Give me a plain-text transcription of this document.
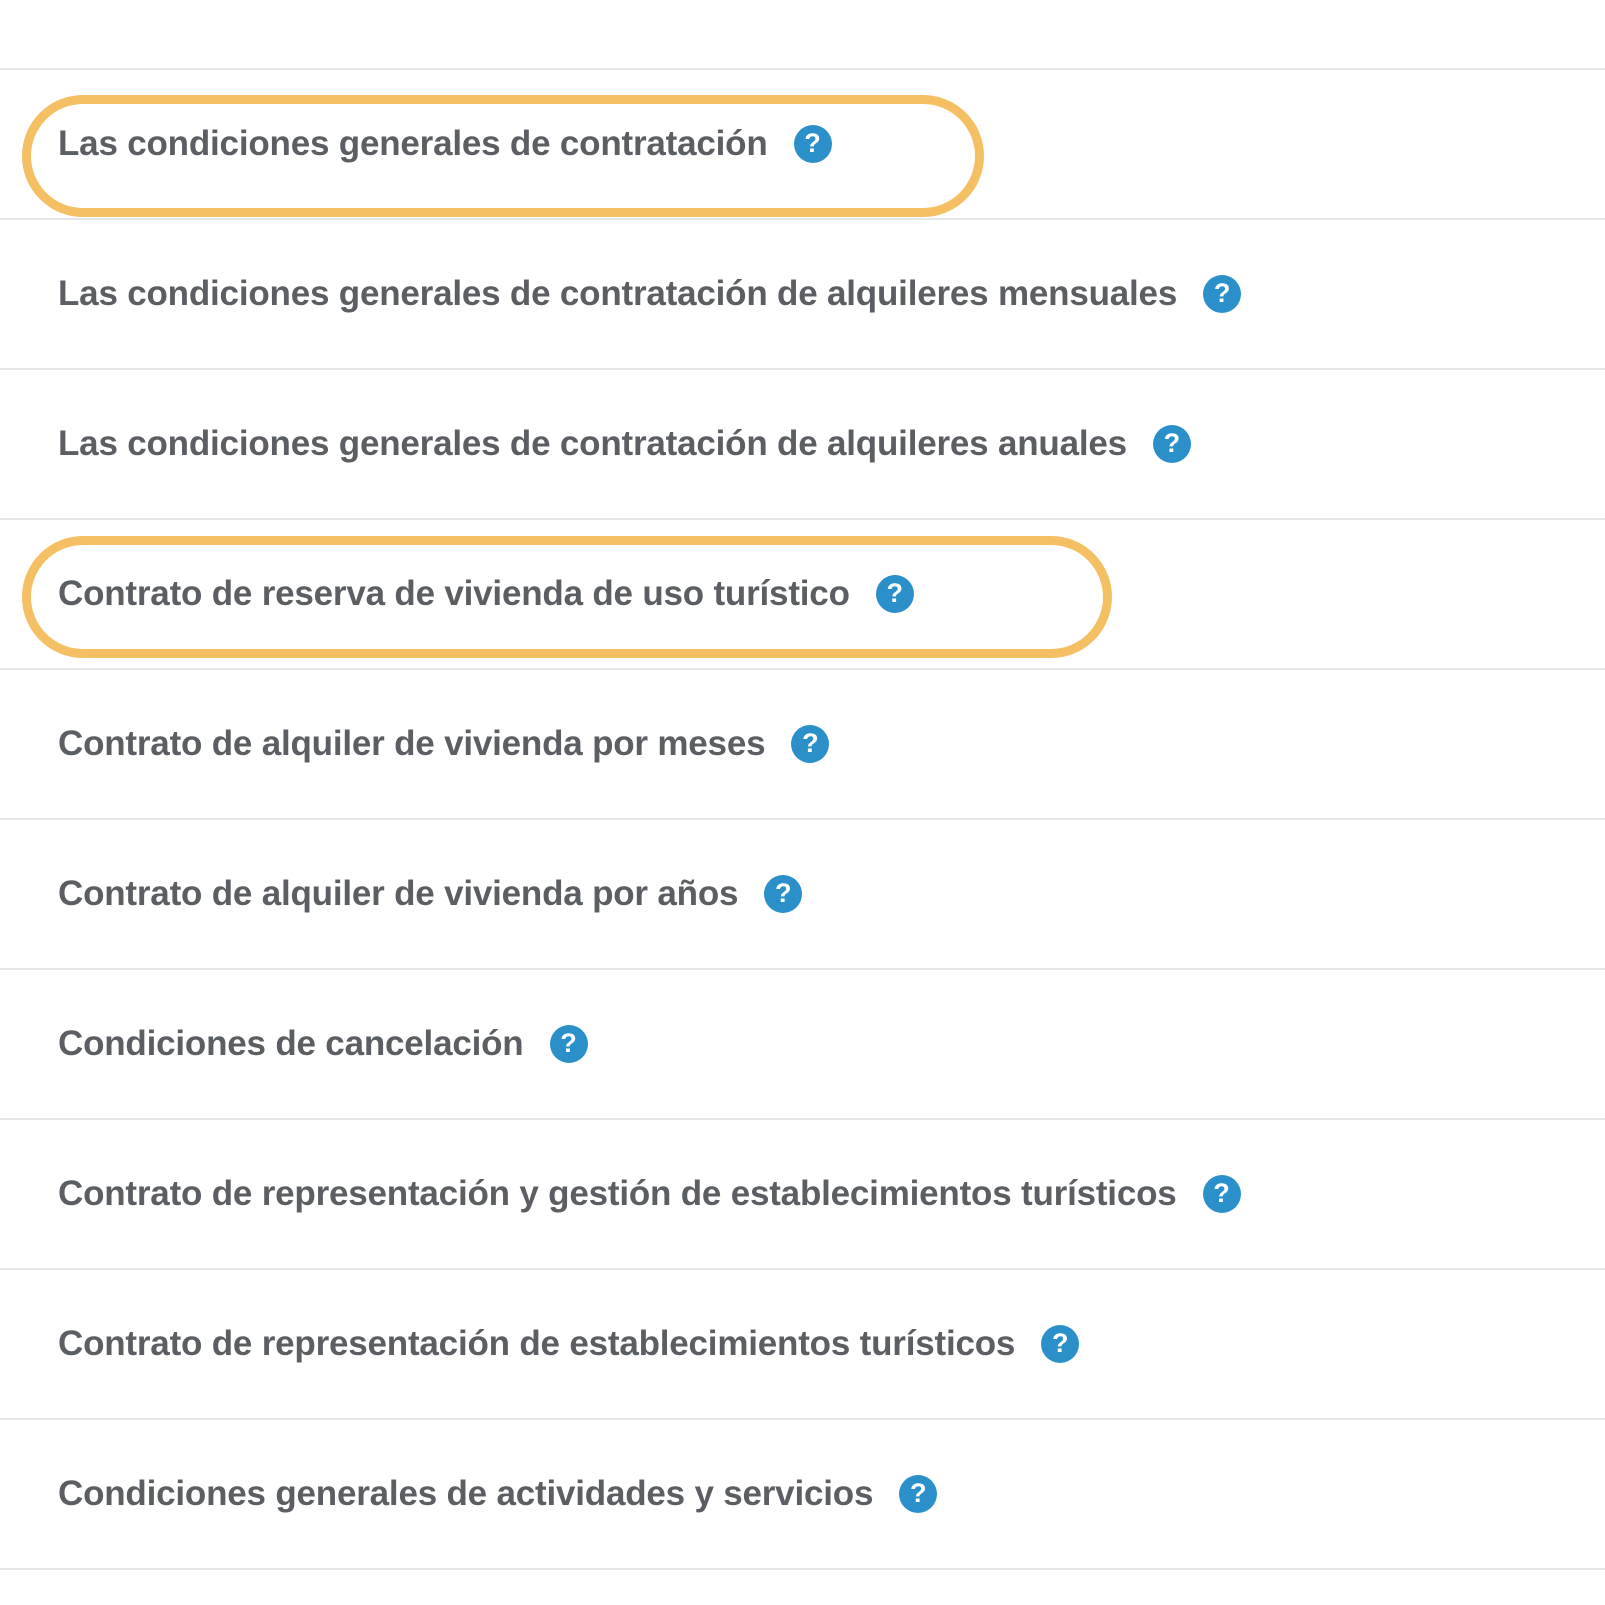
Las condiciones generales de contratación	?
Las condiciones generales de contratación de alquileres mensuales	?
Las condiciones generales de contratación de alquileres anuales	?
Contrato de reserva de vivienda de uso turístico	?
Contrato de alquiler de vivienda por meses	?
Contrato de alquiler de vivienda por años	?
Condiciones de cancelación	?
Contrato de representación y gestión de establecimientos turísticos	?
Contrato de representación de establecimientos turísticos	?
Condiciones generales de actividades y servicios	?
